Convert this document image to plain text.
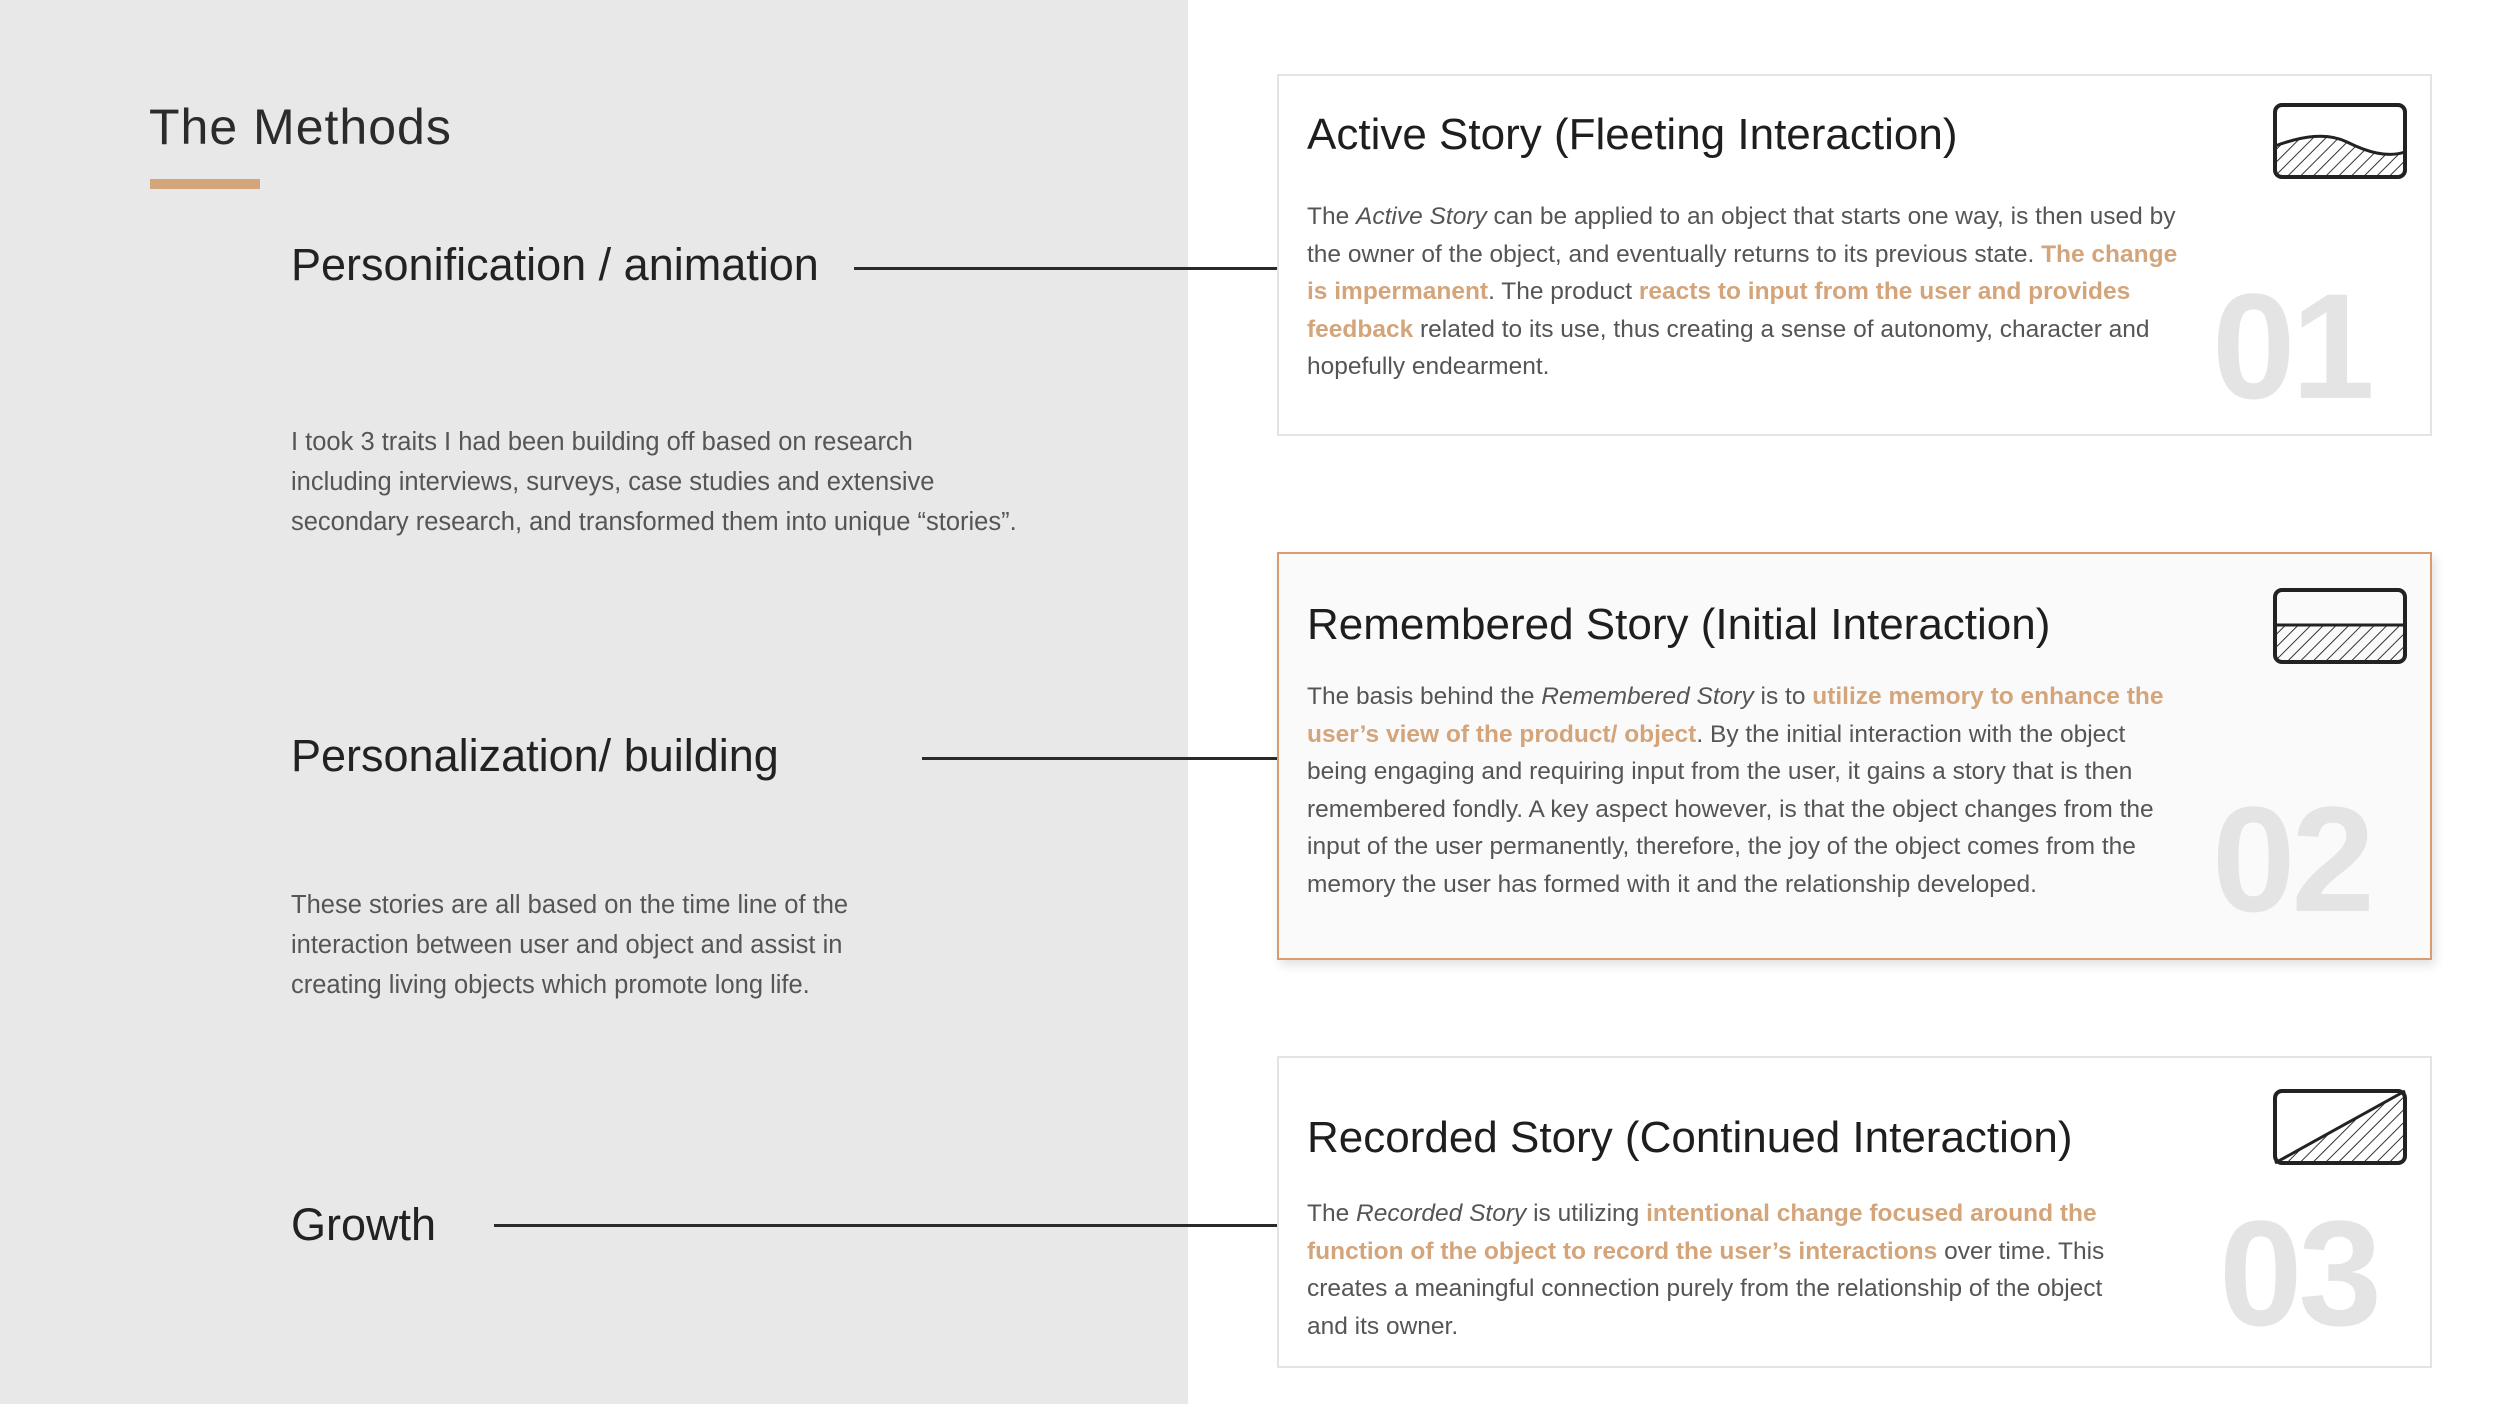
The Methods
Personification / animation
I took 3 traits I had been building off based on research
including interviews, surveys, case studies and extensive
secondary research, and transformed them into unique “stories”.
Personalization/ building
These stories are all based on the time line of the
interaction between user and object and assist in
creating living objects which promote long life.
Growth
01
Active Story (Fleeting Interaction)
The Active Story can be applied to an object that starts one way, is then used by
the owner of the object, and eventually returns to its previous state. The change
is impermanent. The product reacts to input from the user and provides
feedback related to its use, thus creating a sense of autonomy, character and
hopefully endearment.
02
Remembered Story (Initial Interaction)
The basis behind the Remembered Story is to utilize memory to enhance the
user’s view of the product/ object. By the initial interaction with the object
being engaging and requiring input from the user, it gains a story that is then
remembered fondly. A key aspect however, is that the object changes from the
input of the user permanently, therefore, the joy of the object comes from the
memory the user has formed with it and the relationship developed.
03
Recorded Story (Continued Interaction)
The Recorded Story is utilizing intentional change focused around the
function of the object to record the user’s interactions over time. This
creates a meaningful connection purely from the relationship of the object
and its owner.
